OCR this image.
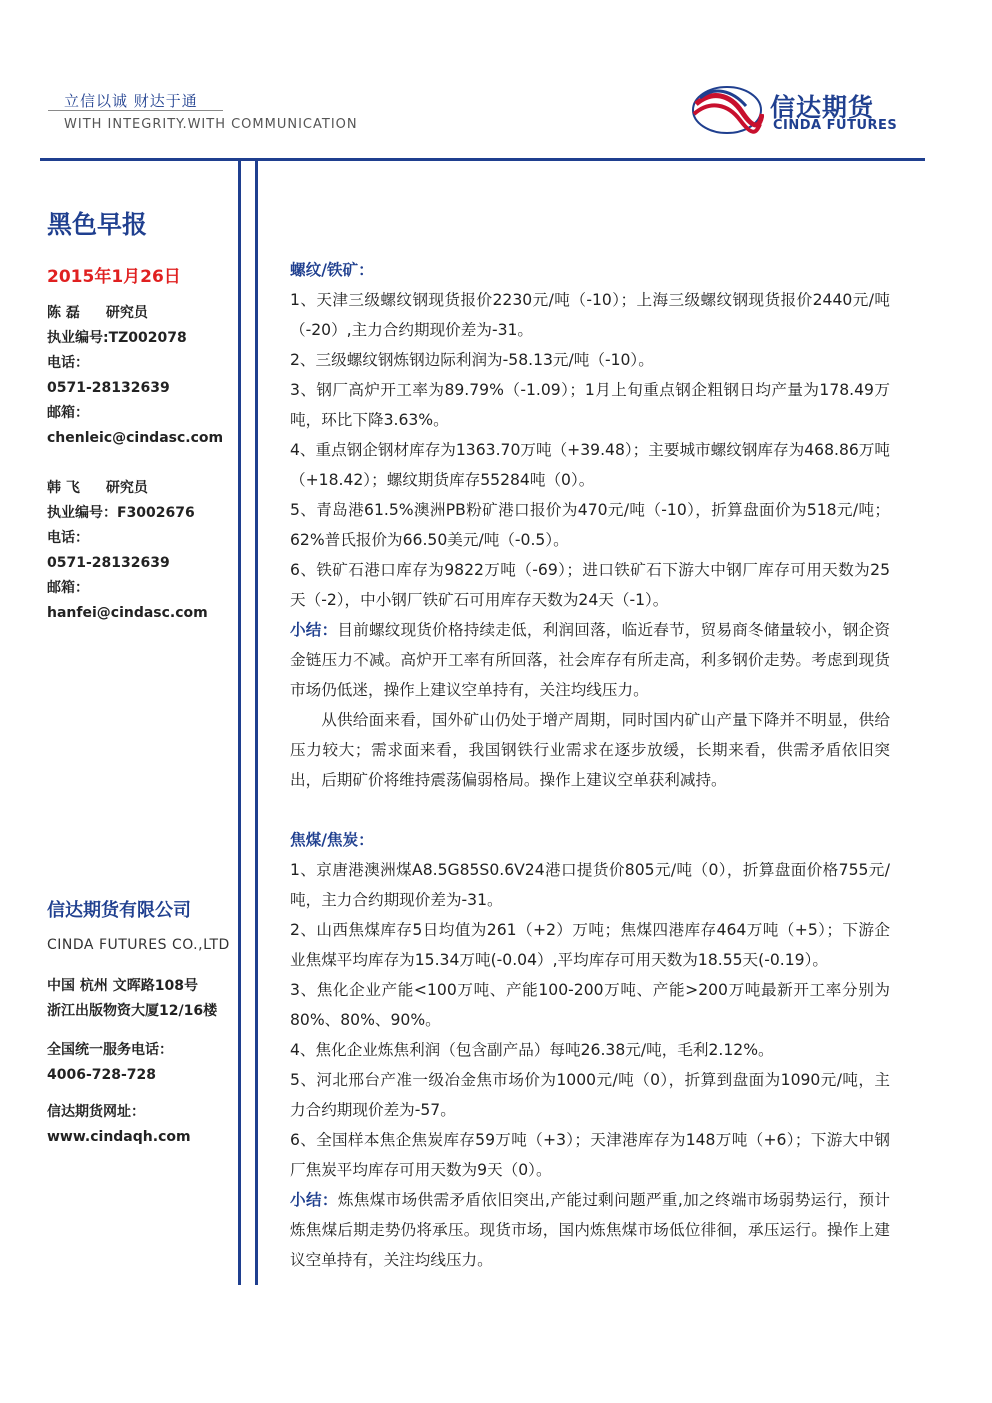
立信以诚 财达于通
WITH INTEGRITY.WITH COMMUNICATION
信达期货
CINDA FUTURES
黑色早报
2015年1月26日
陈 磊 研究员
执业编号:TZ002078
电话：
0571-28132639
邮箱：
chenleic@cindasc.com
韩 飞 研究员
执业编号：F3002676
电话：
0571-28132639
邮箱：
hanfei@cindasc.com
信达期货有限公司
CINDA FUTURES CO.,LTD
中国 杭州 文晖路108号
浙江出版物资大厦12/16楼
全国统一服务电话：
4006-728-728
信达期货网址：
www.cindaqh.com

螺纹/铁矿：

1、天津三级螺纹钢现货报价2230元/吨（-10）；上海三级螺纹钢现货报价2440元/吨（-20）,主力合约期现价差为-31。

2、三级螺纹钢炼钢边际利润为-58.13元/吨（-10）。

3、钢厂高炉开工率为89.79%（-1.09）；1月上旬重点钢企粗钢日均产量为178.49万吨，环比下降3.63%。

4、重点钢企钢材库存为1363.70万吨（+39.48）；主要城市螺纹钢库存为468.86万吨（+18.42）；螺纹期货库存55284吨（0）。

5、青岛港61.5%澳洲PB粉矿港口报价为470元/吨（-10），折算盘面价为518元/吨； 62%普氏报价为66.50美元/吨（-0.5）。

6、铁矿石港口库存为9822万吨（-69）；进口铁矿石下游大中钢厂库存可用天数为25天（-2），中小钢厂铁矿石可用库存天数为24天（-1）。

小结：目前螺纹现货价格持续走低，利润回落，临近春节，贸易商冬储量较小，钢企资金链压力不减。高炉开工率有所回落，社会库存有所走高，利多钢价走势。考虑到现货市场仍低迷，操作上建议空单持有，关注均线压力。

从供给面来看，国外矿山仍处于增产周期，同时国内矿山产量下降并不明显，供给压力较大；需求面来看，我国钢铁行业需求在逐步放缓，长期来看，供需矛盾依旧突出，后期矿价将维持震荡偏弱格局。操作上建议空单获利减持。

焦煤/焦炭：

1、京唐港澳洲煤A8.5G85S0.6V24港口提货价805元/吨（0），折算盘面价格755元/吨，主力合约期现价差为-31。

2、山西焦煤库存5日均值为261（+2）万吨；焦煤四港库存464万吨（+5）；下游企业焦煤平均库存为15.34万吨(-0.04）,平均库存可用天数为18.55天(-0.19）。

3、焦化企业产能<100万吨、产能100-200万吨、产能>200万吨最新开工率分别为80%、80%、90%。

4、焦化企业炼焦利润（包含副产品）每吨26.38元/吨，毛利2.12%。

5、河北邢台产准一级冶金焦市场价为1000元/吨（0），折算到盘面为1090元/吨，主力合约期现价差为-57。

6、全国样本焦企焦炭库存59万吨（+3）；天津港库存为148万吨（+6）；下游大中钢厂焦炭平均库存可用天数为9天（0）。

小结：炼焦煤市场供需矛盾依旧突出,产能过剩问题严重,加之终端市场弱势运行，预计炼焦煤后期走势仍将承压。现货市场，国内炼焦煤市场低位徘徊，承压运行。操作上建议空单持有，关注均线压力。
